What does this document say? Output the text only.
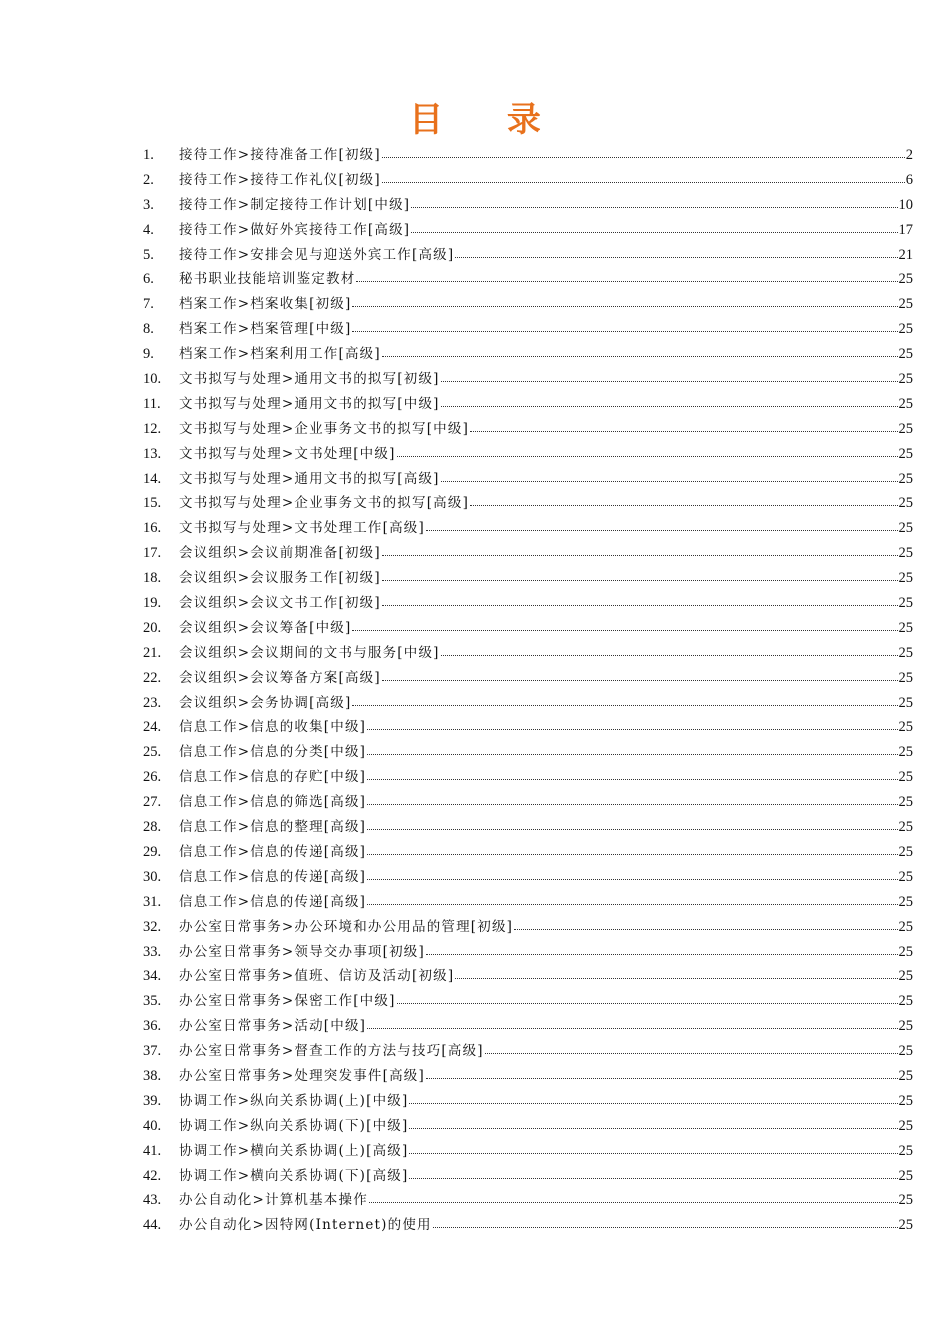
目 录
1.	接待工作>接待准备工作[初级]	2
2.	接待工作>接待工作礼仪[初级]	6
3.	接待工作>制定接待工作计划[中级]	10
4.	接待工作>做好外宾接待工作[高级]	17
5.	接待工作>安排会见与迎送外宾工作[高级]	21
6.	秘书职业技能培训鉴定教材	25
7.	档案工作>档案收集[初级]	25
8.	档案工作>档案管理[中级]	25
9.	档案工作>档案利用工作[高级]	25
10.	文书拟写与处理>通用文书的拟写[初级]	25
11.	文书拟写与处理>通用文书的拟写[中级]	25
12.	文书拟写与处理>企业事务文书的拟写[中级]	25
13.	文书拟写与处理>文书处理[中级]	25
14.	文书拟写与处理>通用文书的拟写[高级]	25
15.	文书拟写与处理>企业事务文书的拟写[高级]	25
16.	文书拟写与处理>文书处理工作[高级]	25
17.	会议组织>会议前期准备[初级]	25
18.	会议组织>会议服务工作[初级]	25
19.	会议组织>会议文书工作[初级]	25
20.	会议组织>会议筹备[中级]	25
21.	会议组织>会议期间的文书与服务[中级]	25
22.	会议组织>会议筹备方案[高级]	25
23.	会议组织>会务协调[高级]	25
24.	信息工作>信息的收集[中级]	25
25.	信息工作>信息的分类[中级]	25
26.	信息工作>信息的存贮[中级]	25
27.	信息工作>信息的筛选[高级]	25
28.	信息工作>信息的整理[高级]	25
29.	信息工作>信息的传递[高级]	25
30.	信息工作>信息的传递[高级]	25
31.	信息工作>信息的传递[高级]	25
32.	办公室日常事务>办公环境和办公用品的管理[初级]	25
33.	办公室日常事务>领导交办事项[初级]	25
34.	办公室日常事务>值班、信访及活动[初级]	25
35.	办公室日常事务>保密工作[中级]	25
36.	办公室日常事务>活动[中级]	25
37.	办公室日常事务>督查工作的方法与技巧[高级]	25
38.	办公室日常事务>处理突发事件[高级]	25
39.	协调工作>纵向关系协调(上)[中级]	25
40.	协调工作>纵向关系协调(下)[中级]	25
41.	协调工作>横向关系协调(上)[高级]	25
42.	协调工作>横向关系协调(下)[高级]	25
43.	办公自动化>计算机基本操作	25
44.	办公自动化>因特网(Internet)的使用	25
